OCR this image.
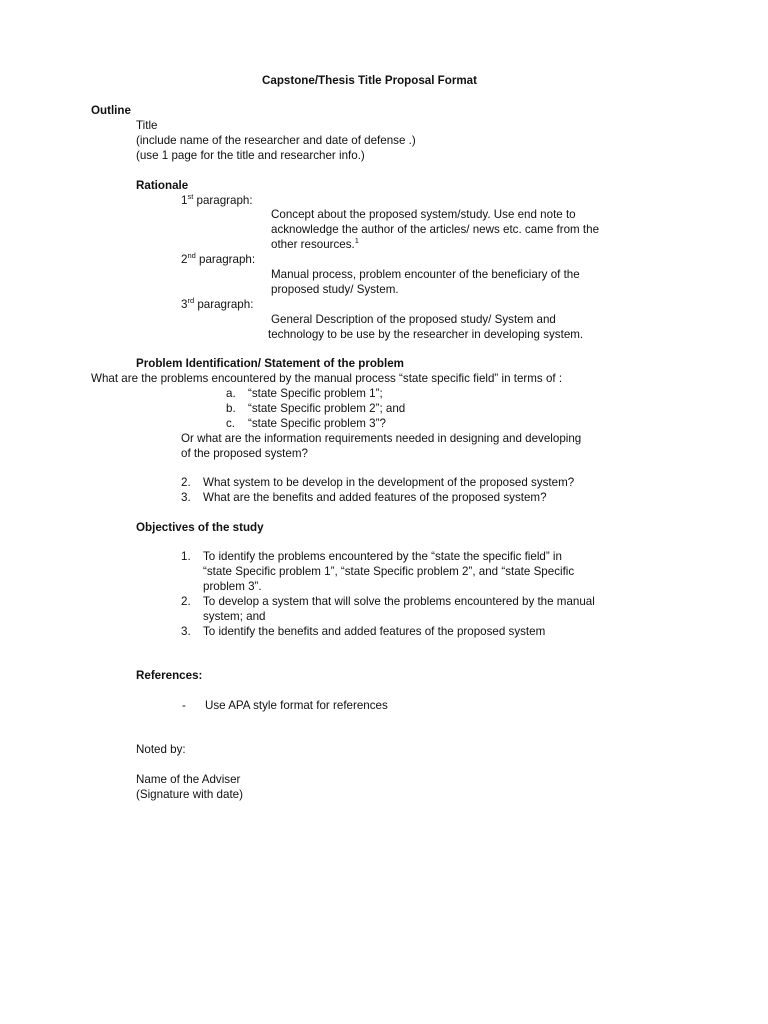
Capstone/Thesis Title Proposal Format
Outline
Title
(include name of the researcher and date of defense .)
(use 1 page for the title and researcher info.)
Rationale
1st paragraph:
Concept about the proposed system/study. Use end note to
acknowledge the author of the articles/ news etc. came from the
other resources.$^1$
2nd paragraph:
Manual process, problem encounter of the beneficiary of the
proposed study/ System.
3rd paragraph:
General Description of the proposed study/ System and
technology to be use by the researcher in developing system.
Problem Identification/ Statement of the problem
What are the problems encountered by the manual process “state specific field” in terms of :
a. “state Specific problem 1”;
b. “state Specific problem 2”; and
c. “state Specific problem 3”?
Or what are the information requirements needed in designing and developing
of the proposed system?
2. What system to be develop in the development of the proposed system?
3. What are the benefits and added features of the proposed system?
Objectives of the study
1. To identify the problems encountered by the “state the specific field” in
“state Specific problem 1”, “state Specific problem 2”, and “state Specific
problem 3”.
2. To develop a system that will solve the problems encountered by the manual
system; and
3. To identify the benefits and added features of the proposed system
References:
- Use APA style format for references
Noted by:
Name of the Adviser
(Signature with date)
